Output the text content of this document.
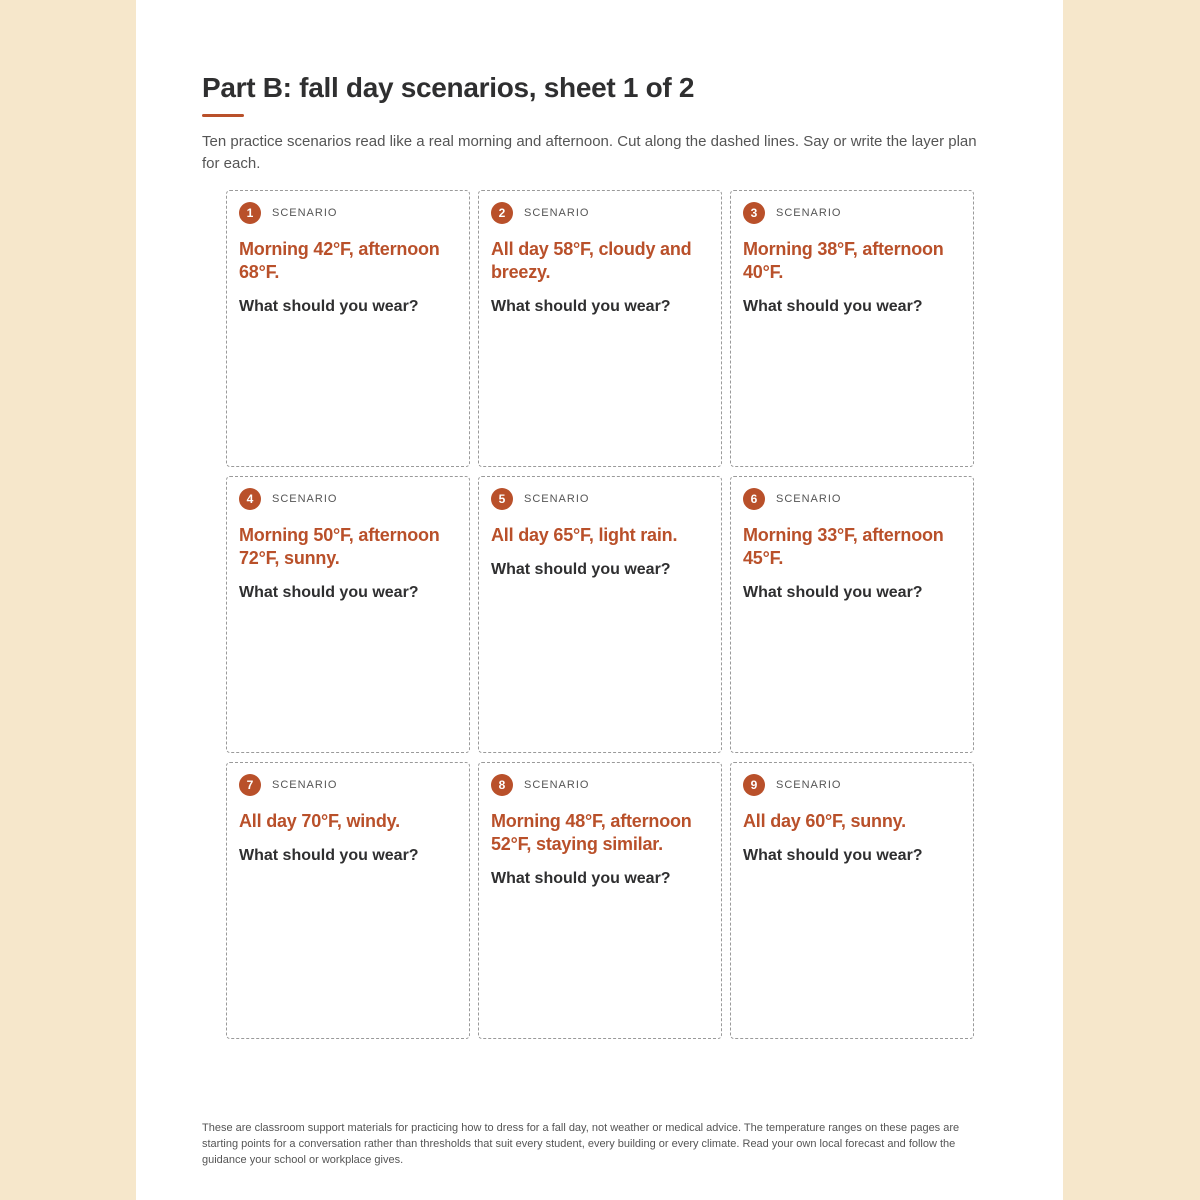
Part B: fall day scenarios, sheet 1 of 2

Ten practice scenarios read like a real morning and afternoon. Cut along the dashed lines. Say or write the layer plan for each.

1	SCENARIO
Morning 42°F, afternoon 68°F.
What should you wear?
2	SCENARIO
All day 58°F, cloudy and breezy.
What should you wear?
3	SCENARIO
Morning 38°F, afternoon 40°F.
What should you wear?
4	SCENARIO
Morning 50°F, afternoon 72°F, sunny.
What should you wear?
5	SCENARIO
All day 65°F, light rain.
What should you wear?
6	SCENARIO
Morning 33°F, afternoon 45°F.
What should you wear?
7	SCENARIO
All day 70°F, windy.
What should you wear?
8	SCENARIO
Morning 48°F, afternoon 52°F, staying similar.
What should you wear?
9	SCENARIO
All day 60°F, sunny.
What should you wear?

These are classroom support materials for practicing how to dress for a fall day, not weather or medical advice. The temperature ranges on these pages are starting points for a conversation rather than thresholds that suit every student, every building or every climate. Read your own local forecast and follow the guidance your school or workplace gives.
